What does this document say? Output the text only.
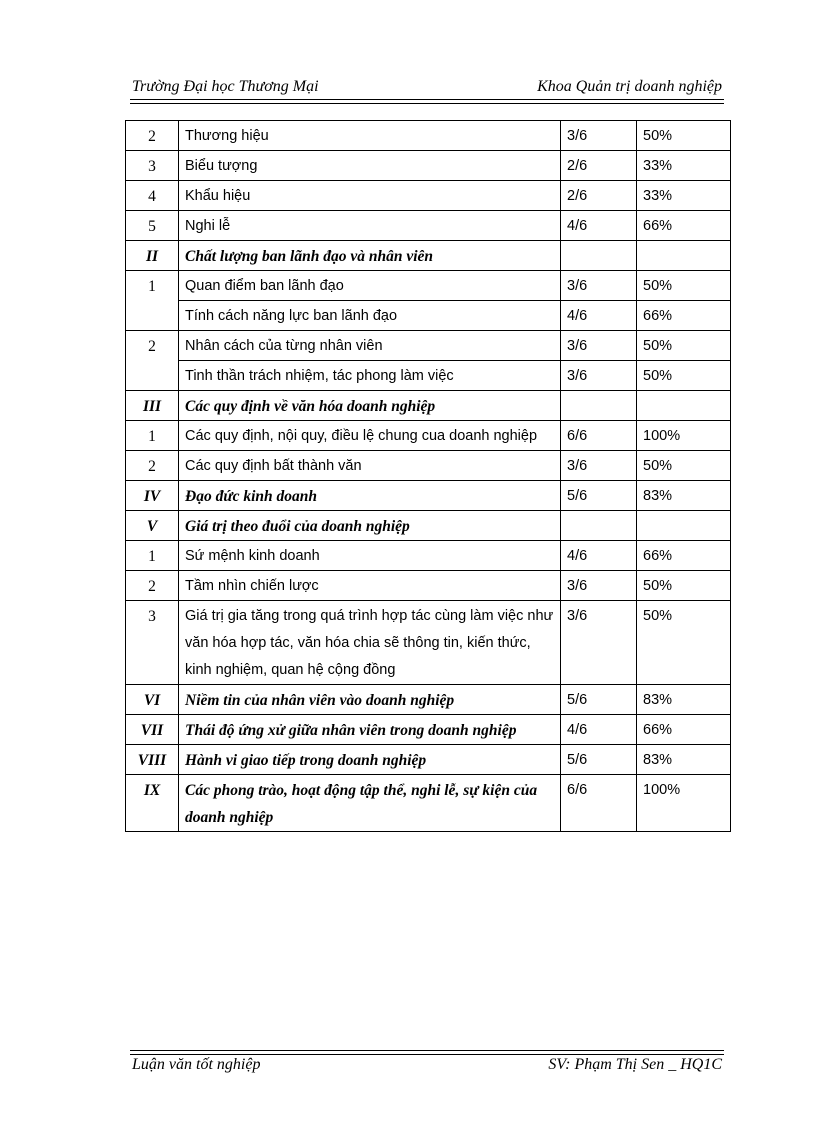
Trường Đại học Thương Mại	Khoa Quản trị doanh nghiệp
2	Thương hiệu	3/6	50%
3	Biểu tượng	2/6	33%
4	Khẩu hiệu	2/6	33%
5	Nghi lễ	4/6	66%
II	Chất lượng ban lãnh đạo và nhân viên		
1	Quan điểm ban lãnh đạo	3/6	50%
	Tính cách năng lực ban lãnh đạo	4/6	66%
2	Nhân cách của từng nhân viên	3/6	50%
	Tinh thần trách nhiệm, tác phong làm việc	3/6	50%
III	Các quy định về văn hóa doanh nghiệp		
1	Các quy định, nội quy, điều lệ chung cua doanh nghiệp	6/6	100%
2	Các quy định bất thành văn	3/6	50%
IV	Đạo đức kinh doanh	5/6	83%
V	Giá trị theo đuổi của doanh nghiệp		
1	Sứ mệnh kinh doanh	4/6	66%
2	Tầm nhìn chiến lược	3/6	50%
3	Giá trị gia tăng trong quá trình hợp tác cùng làm việc như văn hóa hợp tác, văn hóa chia sẽ thông tin, kiến thức, kinh nghiệm, quan hệ cộng đồng	3/6	50%
VI	Niềm tin của nhân viên vào doanh nghiệp	5/6	83%
VII	Thái độ ứng xử giữa nhân viên trong doanh nghiệp	4/6	66%
VIII	Hành vi giao tiếp trong doanh nghiệp	5/6	83%
IX	Các phong trào, hoạt động tập thể, nghi lễ, sự kiện của doanh nghiệp	6/6	100%
Luận văn tốt nghiệp	SV: Phạm Thị Sen _ HQ1C
